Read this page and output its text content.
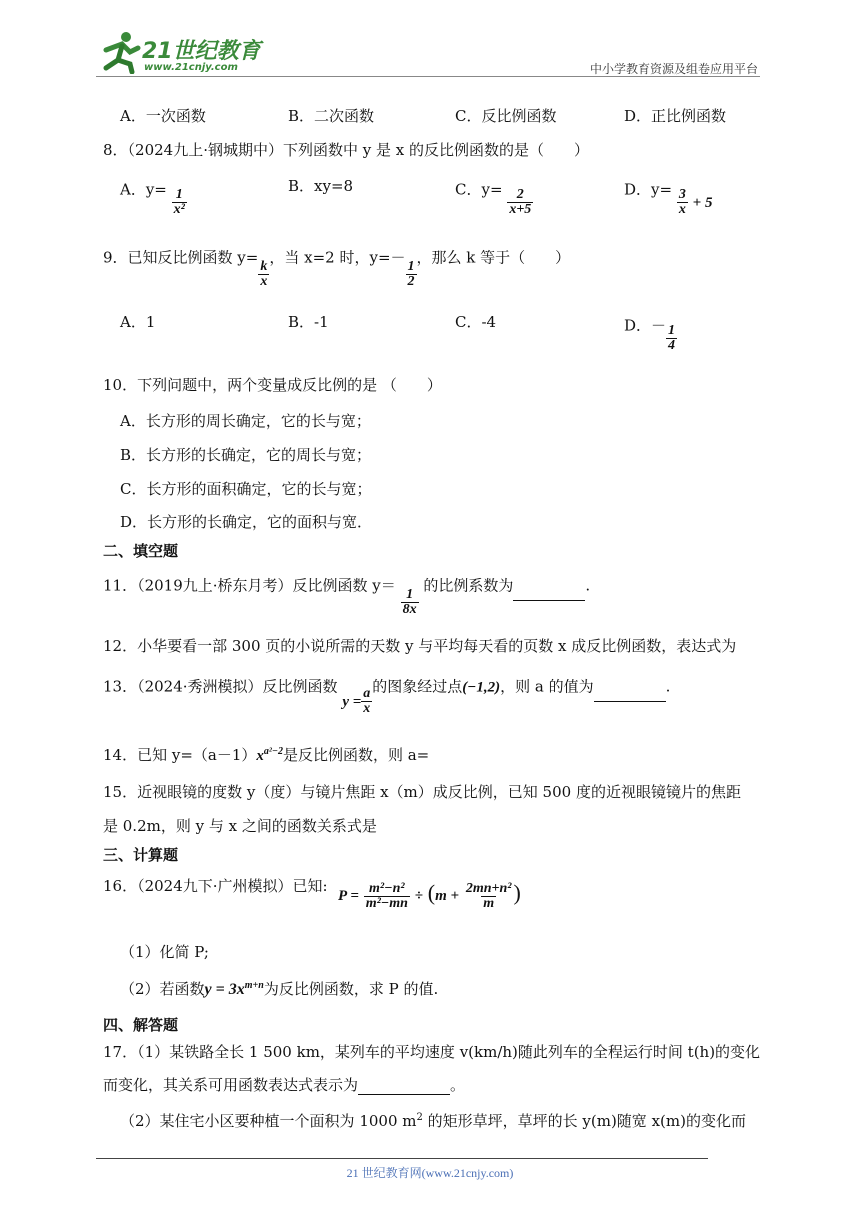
21世纪教育
www.21cnjy.com	中小学教育资源及组卷应用平台
A．一次函数	B．二次函数	C．反比例函数	D．正比例函数
8．（2024九上·钢城期中）下列函数中 y 是 x 的反比例函数的是（　　）
A．$y= \frac{1}{\text{x²}}$
B．xy=8	C．$y= \frac{2}{x+5}$	D．$y= \frac{3}{x} + 5$
9．已知反比例函数 y=
$\frac{k}{x}$
，当 x=2 时，y=－
$\frac{1}{2}$
，那么 k 等于（　　）
A．1	B．-1	C．-4	D．－ $\frac{1}{4}$
10．下列问题中，两个变量成反比例的是 （　　）
A．长方形的周长确定，它的长与宽；
B．长方形的长确定，它的周长与宽；
C．长方形的面积确定，它的长与宽；
D．长方形的长确定，它的面积与宽．
二、填空题
11．（2019九上·桥东月考）反比例函数 y＝
$\frac{1}{8x}$
的比例系数为	.
12．小华要看一部 300 页的小说所需的天数 y 与平均每天看的页数 x 成反比例函数，表达式为
13．（2024·秀洲模拟）反比例函数 $y = \frac{a}{x}$
的图象经过点(−1,2)，则 a 的值为	.
14．已知 $y=(a-1)x^{a^2-2}$是反比例函数，则 a=
15．近视眼镜的度数 y（度）与镜片焦距 x（m）成反比例，已知 500 度的近视眼镜镜片的焦距
是 0.2m，则 y 与 x 之间的函数关系式是
三、计算题
16．（2024九下·广州模拟）已知:
$P = \frac{\text{m²−n²}}{\text{m²−mn}} \div (m + \frac{\text{2mn+n²}}{m}$ )
（1）化简 P;
（2）若函数$y = 3x^{m+n}$为反比例函数，求 P 的值.
四、解答题
17．（1）某铁路全长 1 500 km，某列车的平均速度 v(km/h)随此列车的全程运行时间 t(h)的变化
而变化，其关系可用函数表达式表示为	。
（2）某住宅小区要种植一个面积为 1000 $m^2$ 的矩形草坪，草坪的长 y(m)随宽 x(m)的变化而
21 世纪教育网(www.21cnjy.com)
